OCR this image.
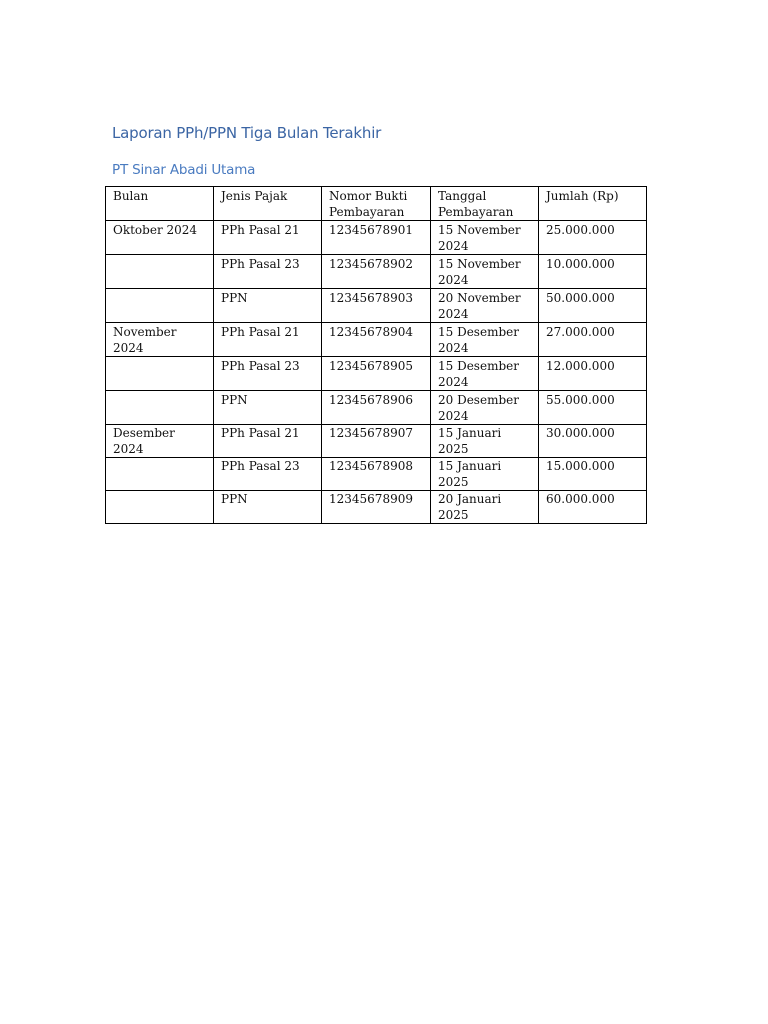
Laporan PPh/PPN Tiga Bulan Terakhir
PT Sinar Abadi Utama
Bulan	Jenis Pajak	Nomor Bukti Pembayaran	Tanggal Pembayaran	Jumlah (Rp)
Oktober 2024	PPh Pasal 21	12345678901	15 November 2024	25.000.000
	PPh Pasal 23	12345678902	15 November 2024	10.000.000
	PPN	12345678903	20 November 2024	50.000.000
November 2024	PPh Pasal 21	12345678904	15 Desember 2024	27.000.000
	PPh Pasal 23	12345678905	15 Desember 2024	12.000.000
	PPN	12345678906	20 Desember 2024	55.000.000
Desember 2024	PPh Pasal 21	12345678907	15 Januari 2025	30.000.000
	PPh Pasal 23	12345678908	15 Januari 2025	15.000.000
	PPN	12345678909	20 Januari 2025	60.000.000
